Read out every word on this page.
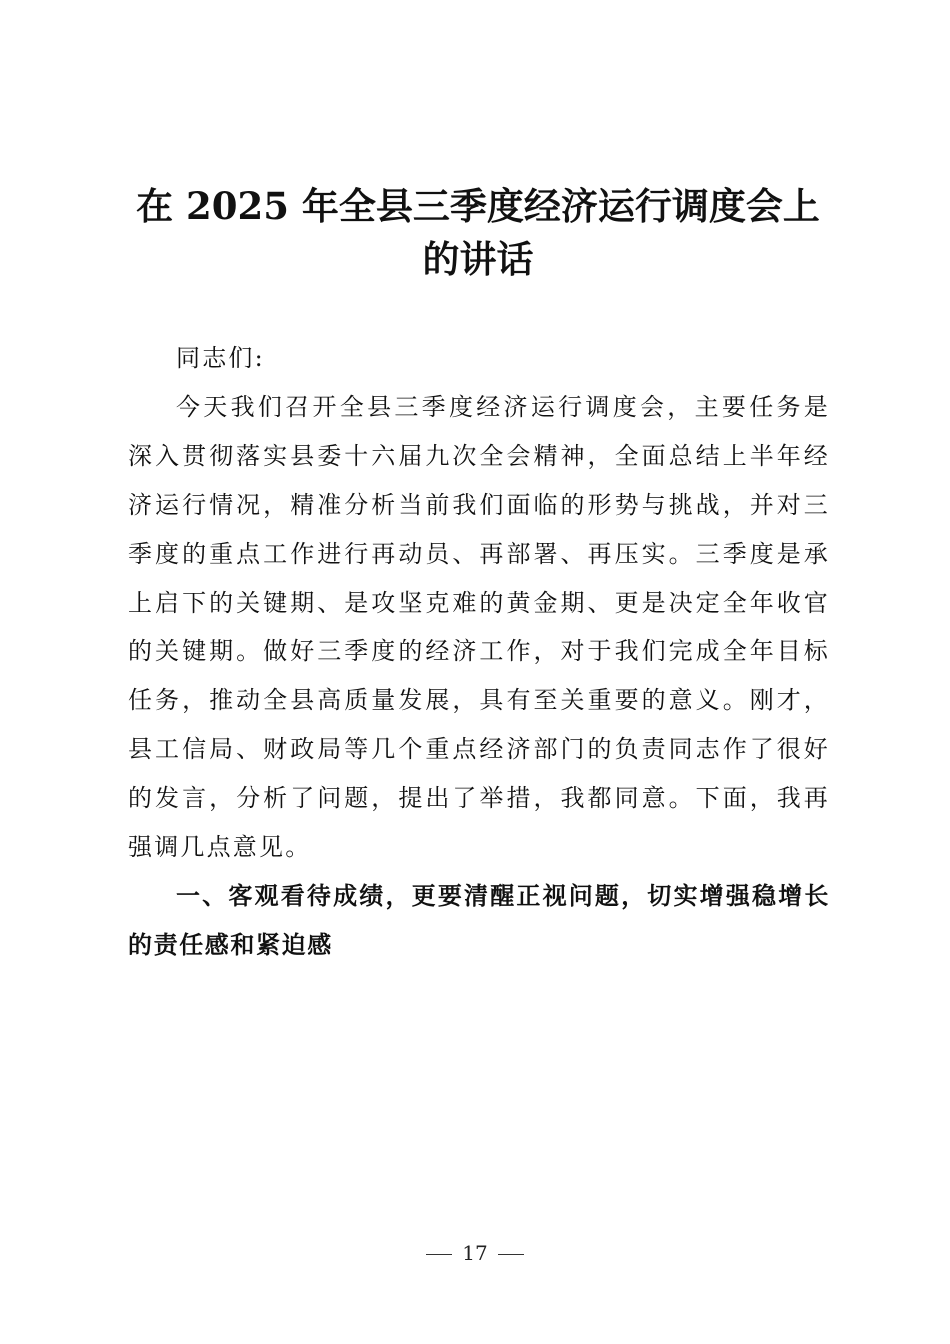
在 2025 年全县三季度经济运行调度会上的讲话

同志们:

今天我们召开全县三季度经济运行调度会，主要任务是深入贯彻落实县委十六届九次全会精神，全面总结上半年经济运行情况，精准分析当前我们面临的形势与挑战，并对三季度的重点工作进行再动员、再部署、再压实。三季度是承上启下的关键期、是攻坚克难的黄金期、更是决定全年收官的关键期。做好三季度的经济工作，对于我们完成全年目标任务，推动全县高质量发展，具有至关重要的意义。刚才，县工信局、财政局等几个重点经济部门的负责同志作了很好的发言，分析了问题，提出了举措，我都同意。下面，我再强调几点意见。

一、客观看待成绩，更要清醒正视问题，切实增强稳增长的责任感和紧迫感

17
